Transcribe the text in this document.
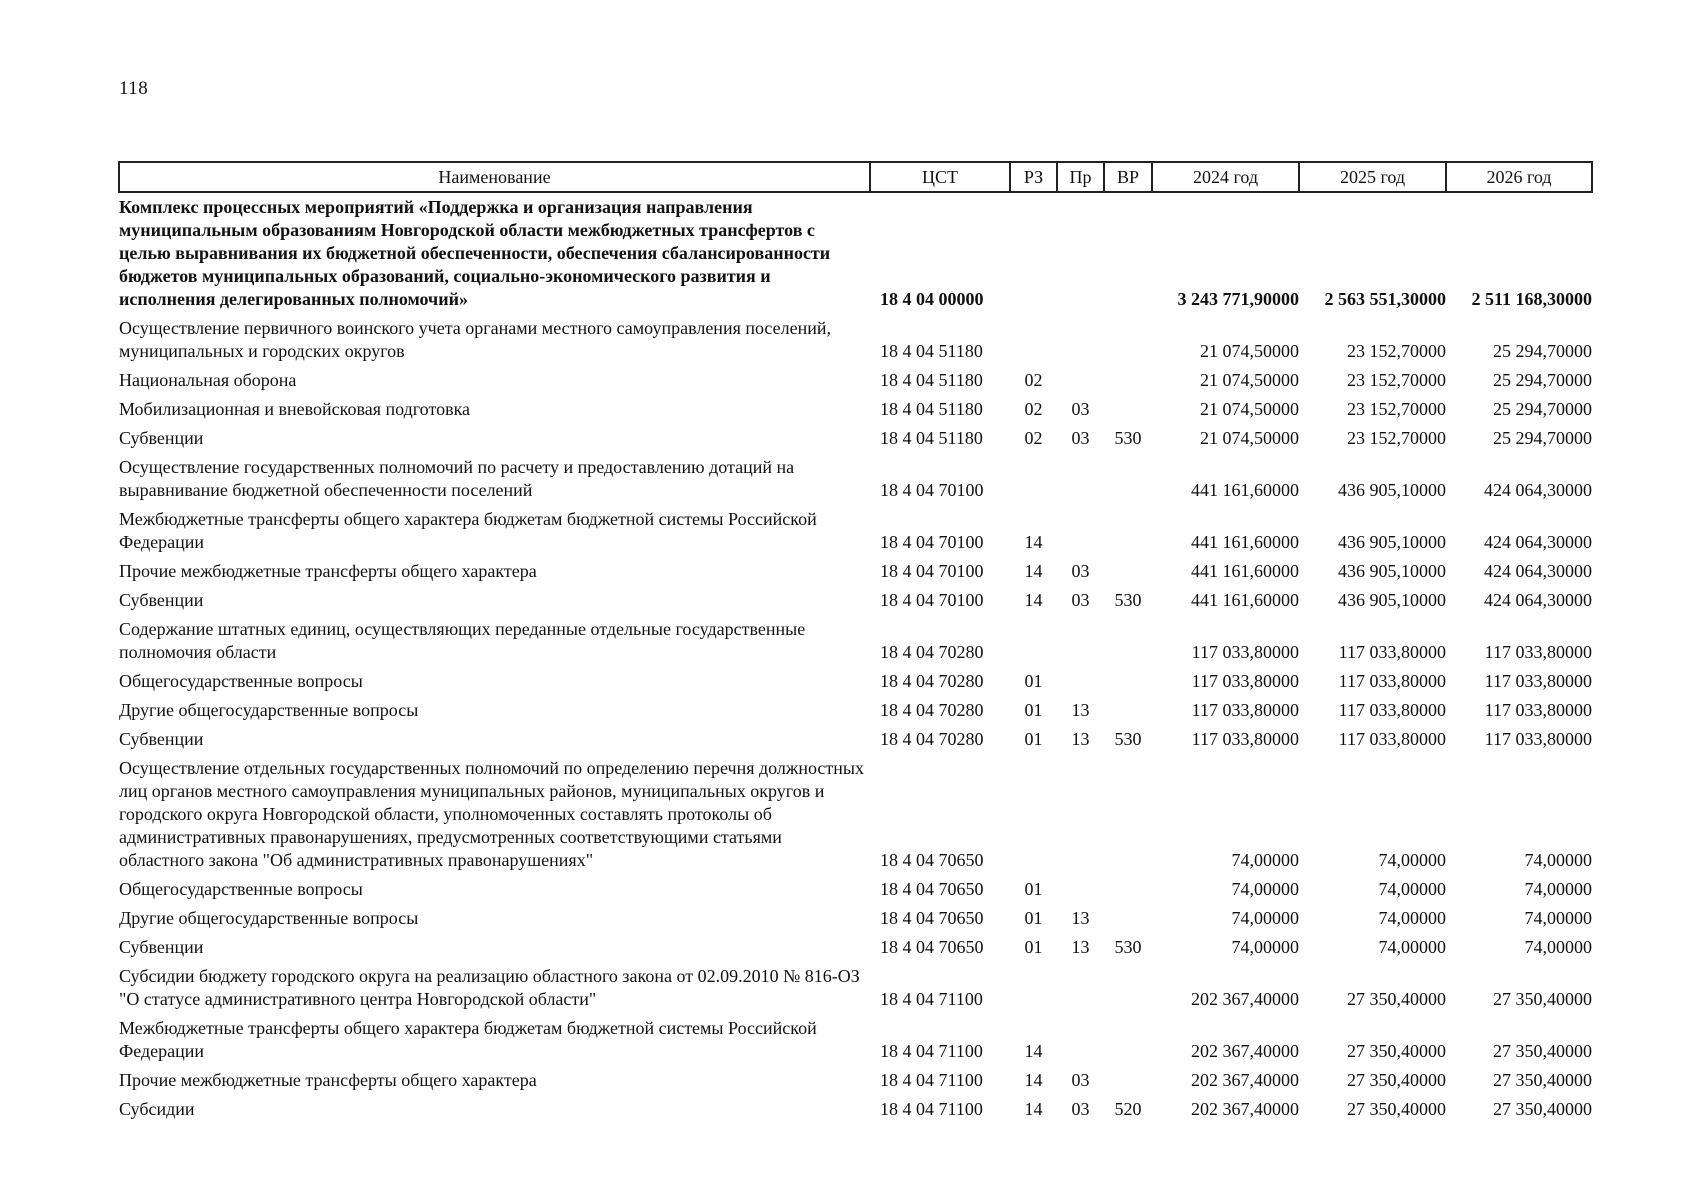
118
Наименование	ЦСТ	РЗ	Пр	ВР	2024 год	2025 год	2026 год
Комплекс процессных мероприятий «Поддержка и организация направления муниципальным образованиям Новгородской области межбюджетных трансфертов с целью выравнивания их бюджетной обеспеченности, обеспечения сбалансированности бюджетов муниципальных образований, социально-экономического развития и исполнения делегированных полномочий»	18 4 04 00000				3 243 771,90000	2 563 551,30000	2 511 168,30000
Осуществление первичного воинского учета органами местного самоуправления поселений, муниципальных и городских округов	18 4 04 51180				21 074,50000	23 152,70000	25 294,70000
Национальная оборона	18 4 04 51180	02			21 074,50000	23 152,70000	25 294,70000
Мобилизационная и вневойсковая подготовка	18 4 04 51180	02	03		21 074,50000	23 152,70000	25 294,70000
Субвенции	18 4 04 51180	02	03	530	21 074,50000	23 152,70000	25 294,70000
Осуществление государственных полномочий по расчету и предоставлению дотаций на выравнивание бюджетной обеспеченности поселений	18 4 04 70100				441 161,60000	436 905,10000	424 064,30000
Межбюджетные трансферты общего характера бюджетам бюджетной системы Российской Федерации	18 4 04 70100	14			441 161,60000	436 905,10000	424 064,30000
Прочие межбюджетные трансферты общего характера	18 4 04 70100	14	03		441 161,60000	436 905,10000	424 064,30000
Субвенции	18 4 04 70100	14	03	530	441 161,60000	436 905,10000	424 064,30000
Содержание штатных единиц, осуществляющих переданные отдельные государственные полномочия области	18 4 04 70280				117 033,80000	117 033,80000	117 033,80000
Общегосударственные вопросы	18 4 04 70280	01			117 033,80000	117 033,80000	117 033,80000
Другие общегосударственные вопросы	18 4 04 70280	01	13		117 033,80000	117 033,80000	117 033,80000
Субвенции	18 4 04 70280	01	13	530	117 033,80000	117 033,80000	117 033,80000
Осуществление отдельных государственных полномочий по определению перечня должностных лиц органов местного самоуправления муниципальных районов, муниципальных округов и городского округа Новгородской области, уполномоченных составлять протоколы об административных правонарушениях, предусмотренных соответствующими статьями областного закона "Об административных правонарушениях"	18 4 04 70650				74,00000	74,00000	74,00000
Общегосударственные вопросы	18 4 04 70650	01			74,00000	74,00000	74,00000
Другие общегосударственные вопросы	18 4 04 70650	01	13		74,00000	74,00000	74,00000
Субвенции	18 4 04 70650	01	13	530	74,00000	74,00000	74,00000
Субсидии бюджету городского округа на реализацию областного закона от 02.09.2010 № 816-ОЗ "О статусе административного центра Новгородской области"	18 4 04 71100				202 367,40000	27 350,40000	27 350,40000
Межбюджетные трансферты общего характера бюджетам бюджетной системы Российской Федерации	18 4 04 71100	14			202 367,40000	27 350,40000	27 350,40000
Прочие межбюджетные трансферты общего характера	18 4 04 71100	14	03		202 367,40000	27 350,40000	27 350,40000
Субсидии	18 4 04 71100	14	03	520	202 367,40000	27 350,40000	27 350,40000
